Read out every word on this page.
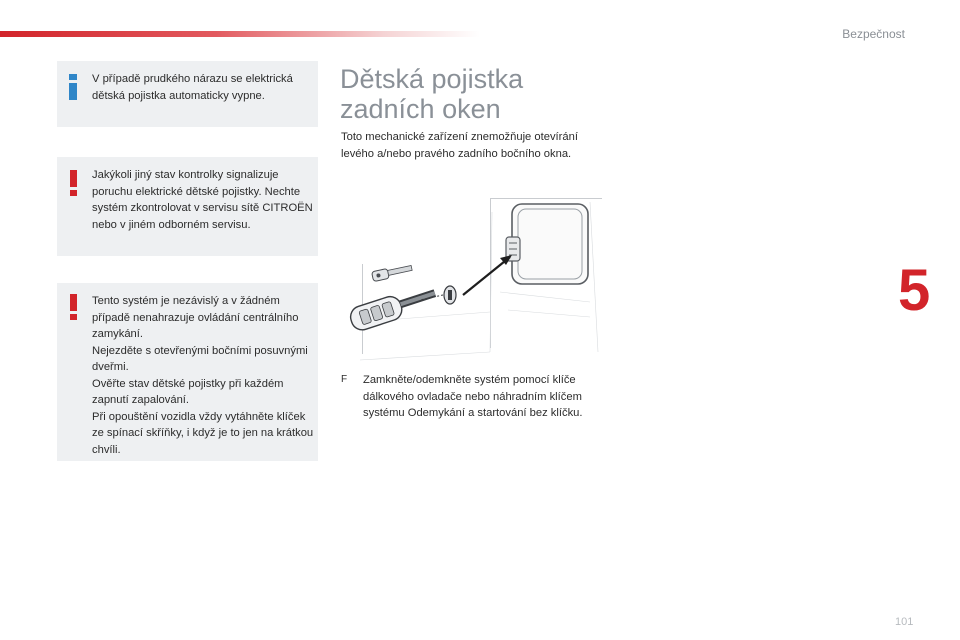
Bezpečnost
5
101

V případě prudkého nárazu se elektrická dětská pojistka automaticky vypne.

Jakýkoli jiný stav kontrolky signalizuje poruchu elektrické dětské pojistky. Nechte systém zkontrolovat v servisu sítě CITROËN nebo v jiném odborném servisu.

Tento systém je nezávislý a v žádném případě nenahrazuje ovládání centrálního zamykání.

Nejezděte s otevřenými bočními posuvnými dveřmi.

Ověřte stav dětské pojistky při každém zapnutí zapalování.

Při opouštění vozidla vždy vytáhněte klíček ze spínací skříňky, i když je to jen na krátkou chvíli.

Dětská pojistka
zadních oken

Toto mechanické zařízení znemožňuje otevírání levého a/nebo pravého zadního bočního okna.

F Zamkněte/odemkněte systém pomocí klíče dálkového ovladače nebo náhradním klíčem systému Odemykání a startování bez klíčku.
